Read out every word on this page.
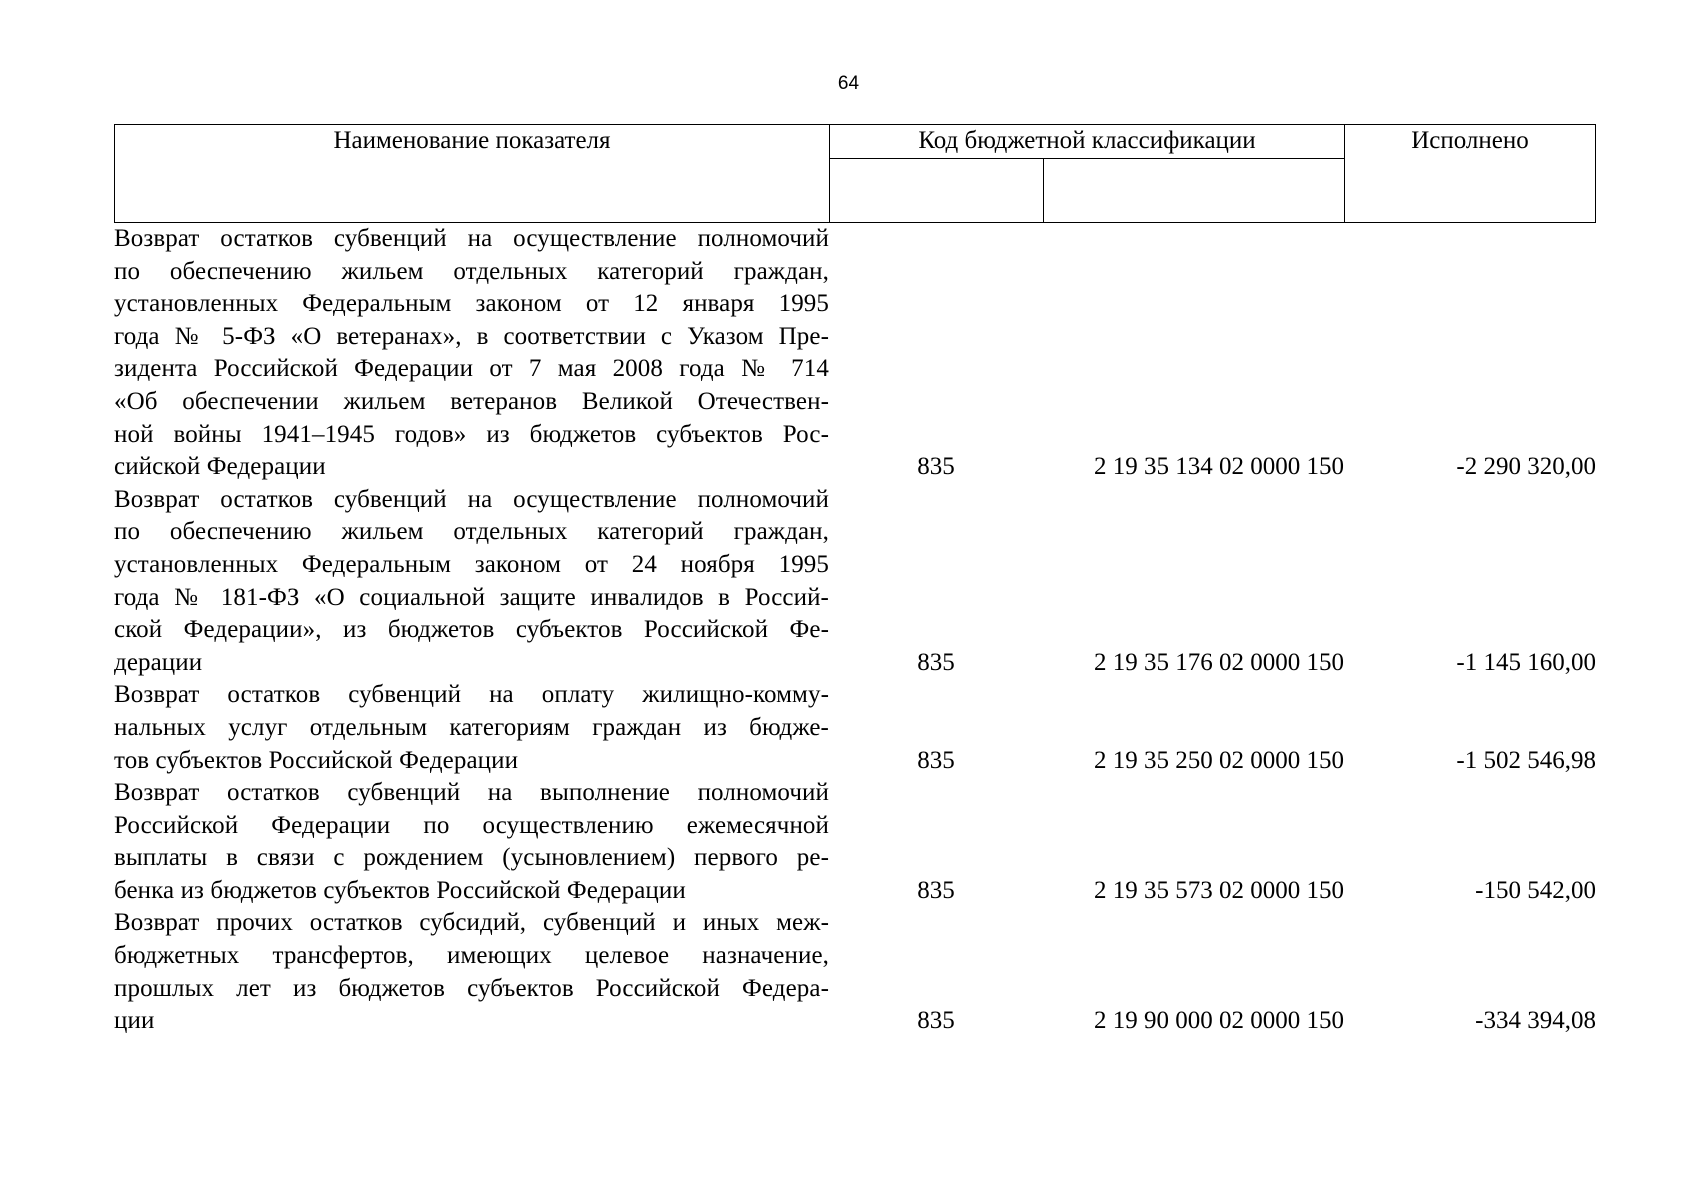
64
Наименование показателя	Код бюджетной классификации	Исполнено
Возврат остатков субвенций на осуществление полномочий
по обеспечению жильем отдельных категорий граждан,
установленных Федеральным законом от 12 января 1995
года № 5-ФЗ «О ветеранах», в соответствии с Указом Пре-
зидента Российской Федерации от 7 мая 2008 года № 714
«Об обеспечении жильем ветеранов Великой Отечествен-
ной войны 1941–1945 годов» из бюджетов субъектов Рос-
сийской Федерации	835	2 19 35 134 02 0000 150	-2 290 320,00
Возврат остатков субвенций на осуществление полномочий
по обеспечению жильем отдельных категорий граждан,
установленных Федеральным законом от 24 ноября 1995
года № 181-ФЗ «О социальной защите инвалидов в Россий-
ской Федерации», из бюджетов субъектов Российской Фе-
дерации	835	2 19 35 176 02 0000 150	-1 145 160,00
Возврат остатков субвенций на оплату жилищно-комму-
нальных услуг отдельным категориям граждан из бюдже-
тов субъектов Российской Федерации	835	2 19 35 250 02 0000 150	-1 502 546,98
Возврат остатков субвенций на выполнение полномочий
Российской Федерации по осуществлению ежемесячной
выплаты в связи с рождением (усыновлением) первого ре-
бенка из бюджетов субъектов Российской Федерации	835	2 19 35 573 02 0000 150	-150 542,00
Возврат прочих остатков субсидий, субвенций и иных меж-
бюджетных трансфертов, имеющих целевое назначение,
прошлых лет из бюджетов субъектов Российской Федера-
ции	835	2 19 90 000 02 0000 150	-334 394,08
